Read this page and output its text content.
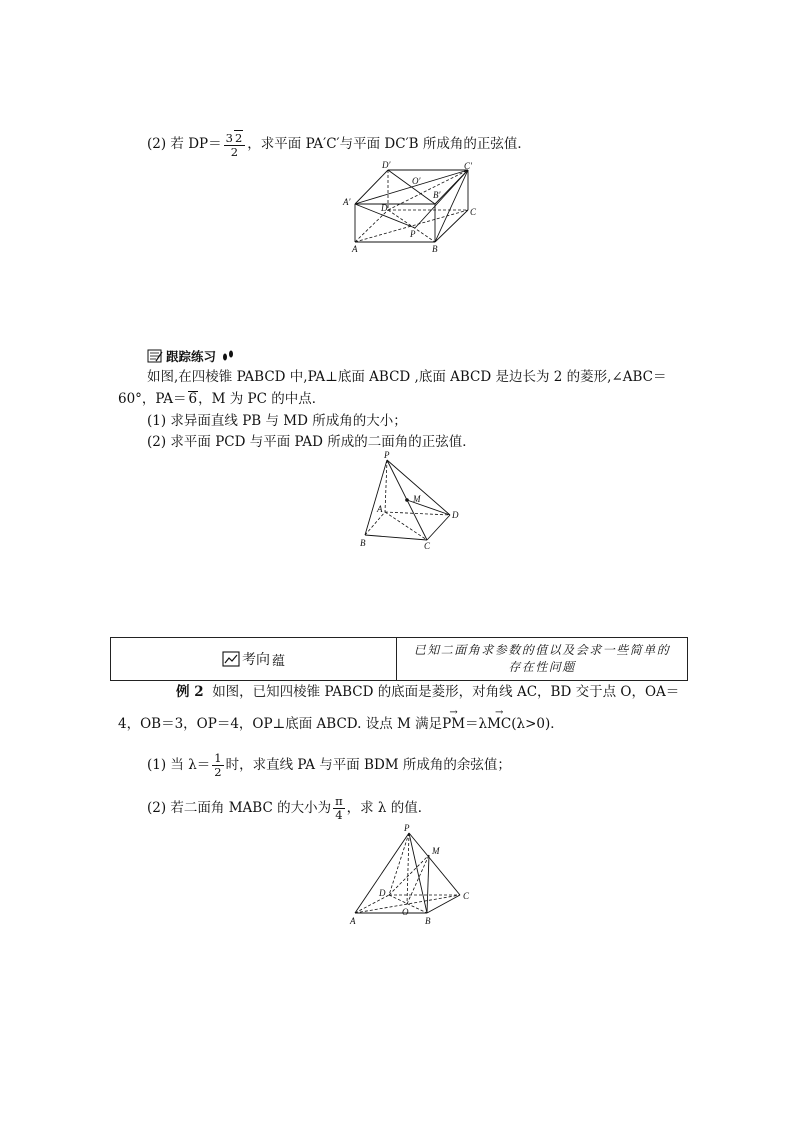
(2) 若 $DP= \frac{3 2}{2}$ ，求平面 PA′C′与平面 DC′B 所成角的正弦值．
D′
O′
C′
A′
D
B′
C
P
A	B
跟踪练习
如图,在四棱锥 PABCD 中,PA⊥底面 ABCD ,底面 ABCD 是边长为 2 的菱形,∠ABC＝
60°，PA＝ 6，M 为 PC 的中点．
(1) 求异面直线 PB 与 MD 所成角的大小；
(2) 求平面 PCD 与平面 PAD 所成的二面角的正弦值．
P
M
A
D
B	C
考向 蕴
已知二面角求参数的值以及会求一些简单的
存在性问题
例 2 如图，已知四棱锥 PABCD 的底面是菱形，对角线 AC，BD 交于点 O，OA＝
4，OB＝3，OP＝4，OP⊥底面 ABCD. 设点 M 满足→ PM＝λ→ MC(λ>0)．
(1) 当 $\lambda= \frac{1}{2}$ 时，求直线 PA 与平面 BDM 所成角的余弦值；
(2) 若二面角 MABC 的大小为 $\frac{\pi}{4}$ ，求 λ 的值．
P
M
D	C
O
A	B
